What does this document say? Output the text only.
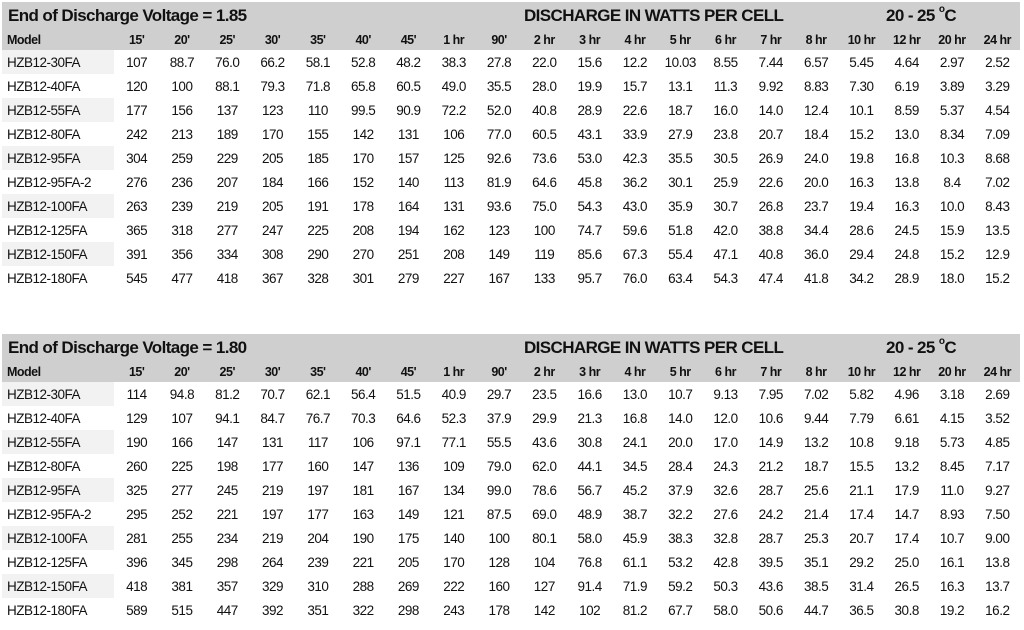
End of Discharge Voltage = 1.85	DISCHARGE IN WATTS PER CELL	20 - 25 $^o$C
Model	15'	20'	25'	30'	35'	40'	45'	1 hr	90'	2 hr	3 hr	4 hr	5 hr	6 hr	7 hr	8 hr	10 hr	12 hr	20 hr	24 hr
HZB12-30FA	107	88.7	76.0	66.2	58.1	52.8	48.2	38.3	27.8	22.0	15.6	12.2	10.03	8.55	7.44	6.57	5.45	4.64	2.97	2.52
HZB12-40FA	120	100	88.1	79.3	71.8	65.8	60.5	49.0	35.5	28.0	19.9	15.7	13.1	11.3	9.92	8.83	7.30	6.19	3.89	3.29
HZB12-55FA	177	156	137	123	110	99.5	90.9	72.2	52.0	40.8	28.9	22.6	18.7	16.0	14.0	12.4	10.1	8.59	5.37	4.54
HZB12-80FA	242	213	189	170	155	142	131	106	77.0	60.5	43.1	33.9	27.9	23.8	20.7	18.4	15.2	13.0	8.34	7.09
HZB12-95FA	304	259	229	205	185	170	157	125	92.6	73.6	53.0	42.3	35.5	30.5	26.9	24.0	19.8	16.8	10.3	8.68
HZB12-95FA-2	276	236	207	184	166	152	140	113	81.9	64.6	45.8	36.2	30.1	25.9	22.6	20.0	16.3	13.8	8.4	7.02
HZB12-100FA	263	239	219	205	191	178	164	131	93.6	75.0	54.3	43.0	35.9	30.7	26.8	23.7	19.4	16.3	10.0	8.43
HZB12-125FA	365	318	277	247	225	208	194	162	123	100	74.7	59.6	51.8	42.0	38.8	34.4	28.6	24.5	15.9	13.5
HZB12-150FA	391	356	334	308	290	270	251	208	149	119	85.6	67.3	55.4	47.1	40.8	36.0	29.4	24.8	15.2	12.9
HZB12-180FA	545	477	418	367	328	301	279	227	167	133	95.7	76.0	63.4	54.3	47.4	41.8	34.2	28.9	18.0	15.2
End of Discharge Voltage = 1.80	DISCHARGE IN WATTS PER CELL	20 - 25 $^o$C
Model	15'	20'	25'	30'	35'	40'	45'	1 hr	90'	2 hr	3 hr	4 hr	5 hr	6 hr	7 hr	8 hr	10 hr	12 hr	20 hr	24 hr
HZB12-30FA	114	94.8	81.2	70.7	62.1	56.4	51.5	40.9	29.7	23.5	16.6	13.0	10.7	9.13	7.95	7.02	5.82	4.96	3.18	2.69
HZB12-40FA	129	107	94.1	84.7	76.7	70.3	64.6	52.3	37.9	29.9	21.3	16.8	14.0	12.0	10.6	9.44	7.79	6.61	4.15	3.52
HZB12-55FA	190	166	147	131	117	106	97.1	77.1	55.5	43.6	30.8	24.1	20.0	17.0	14.9	13.2	10.8	9.18	5.73	4.85
HZB12-80FA	260	225	198	177	160	147	136	109	79.0	62.0	44.1	34.5	28.4	24.3	21.2	18.7	15.5	13.2	8.45	7.17
HZB12-95FA	325	277	245	219	197	181	167	134	99.0	78.6	56.7	45.2	37.9	32.6	28.7	25.6	21.1	17.9	11.0	9.27
HZB12-95FA-2	295	252	221	197	177	163	149	121	87.5	69.0	48.9	38.7	32.2	27.6	24.2	21.4	17.4	14.7	8.93	7.50
HZB12-100FA	281	255	234	219	204	190	175	140	100	80.1	58.0	45.9	38.3	32.8	28.7	25.3	20.7	17.4	10.7	9.00
HZB12-125FA	396	345	298	264	239	221	205	170	128	104	76.8	61.1	53.2	42.8	39.5	35.1	29.2	25.0	16.1	13.8
HZB12-150FA	418	381	357	329	310	288	269	222	160	127	91.4	71.9	59.2	50.3	43.6	38.5	31.4	26.5	16.3	13.7
HZB12-180FA	589	515	447	392	351	322	298	243	178	142	102	81.2	67.7	58.0	50.6	44.7	36.5	30.8	19.2	16.2
